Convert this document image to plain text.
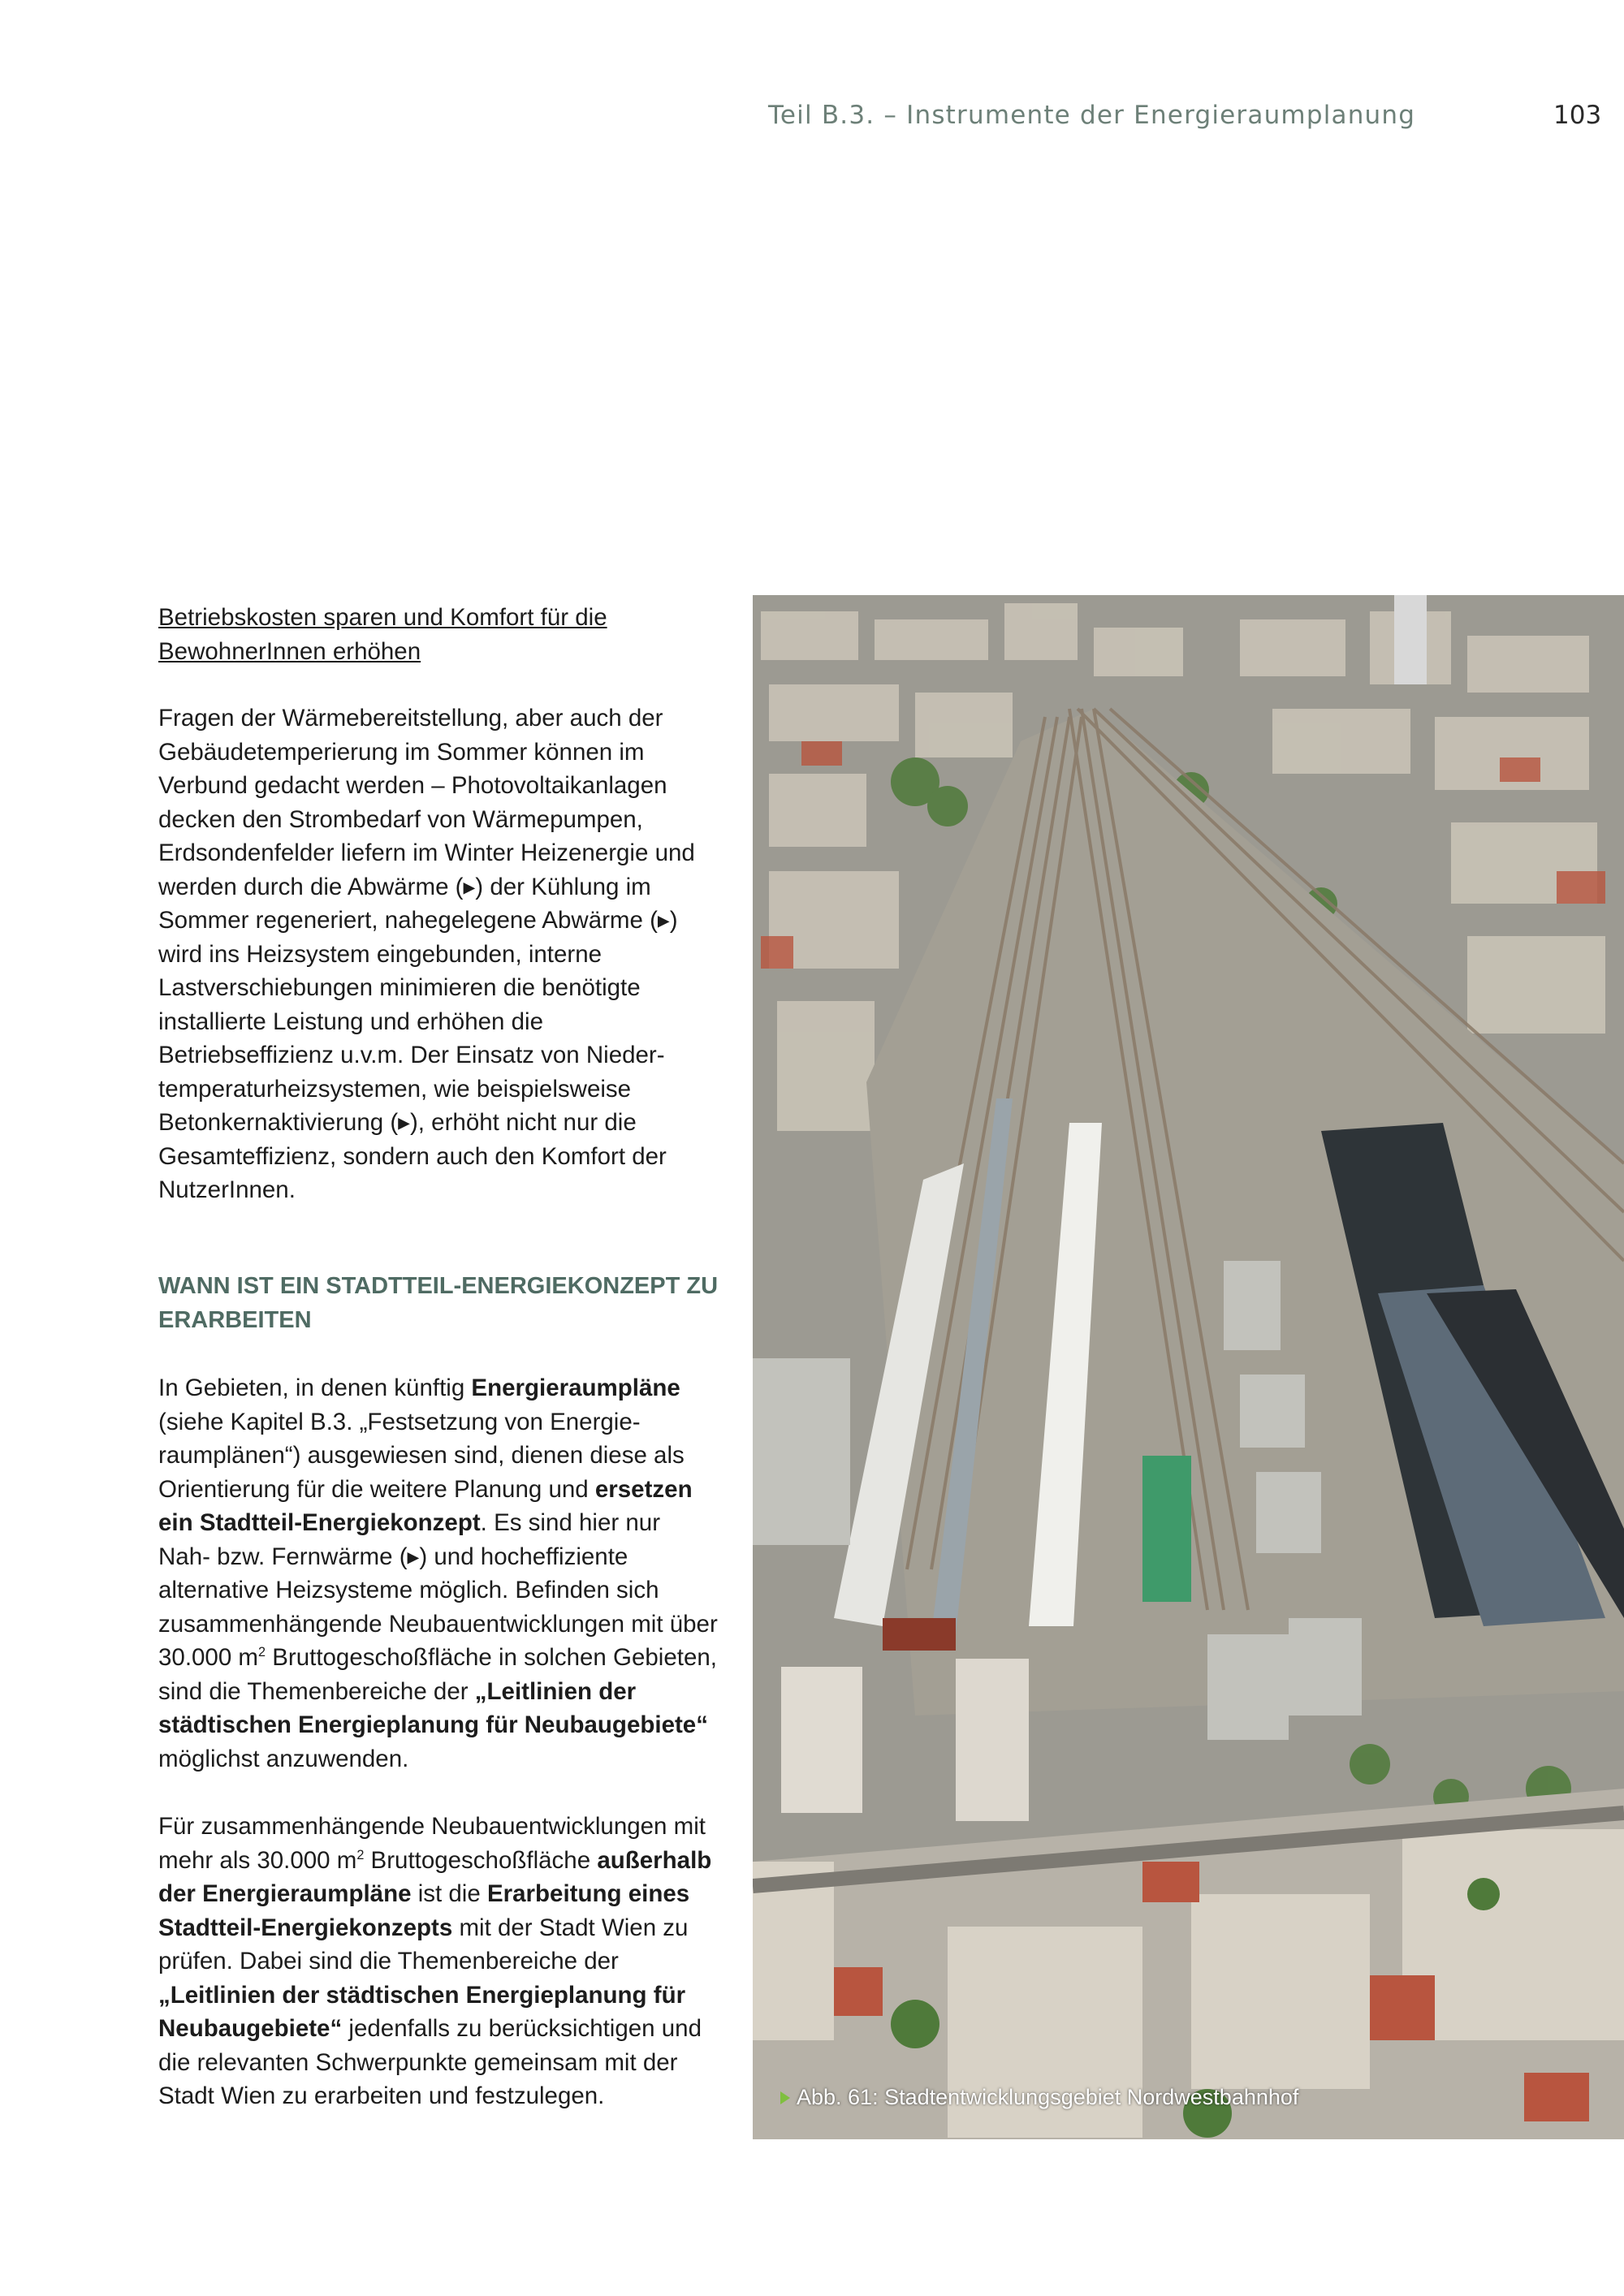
Teil B.3. – Instrumente der Energieraumplanung	103
Betriebskosten sparen und Komfort für die BewohnerInnen erhöhen

Fragen der Wärmebereitstellung, aber auch der Gebäudetemperierung im Sommer können im Verbund gedacht werden – Photovoltaikanlagen decken den Strombedarf von Wärmepumpen, Erdsondenfelder liefern im Winter Heizenergie und werden durch die Abwärme (▸) der Kühlung im Sommer regeneriert, nahegelegene Abwärme (▸) wird ins Heizsystem eingebunden, interne Lastverschiebungen minimieren die benötigte installierte Leistung und erhöhen die Betriebseffizienz u.v.m. Der Einsatz von Niedertemperaturheizsystemen, wie beispielsweise Betonkernaktivierung (▸), erhöht nicht nur die Gesamteffizienz, sondern auch den Komfort der NutzerInnen.

WANN IST EIN STADTTEIL-ENERGIEKONZEPT ZU ERARBEITEN

In Gebieten, in denen künftig Energieraumpläne (siehe Kapitel B.3. „Festsetzung von Energieraumplänen“) ausgewiesen sind, dienen diese als Orientierung für die weitere Planung und ersetzen ein Stadtteil-Energiekonzept. Es sind hier nur Nah- bzw. Fernwärme (▸) und hocheffiziente alternative Heizsysteme möglich. Befinden sich zusammenhängende Neubauentwicklungen mit über 30.000 $m^2$ Bruttogeschoßfläche in solchen Gebieten, sind die Themenbereiche der „Leitlinien der städtischen Energieplanung für Neubaugebiete“ möglichst anzuwenden.

Für zusammenhängende Neubauentwicklungen mit mehr als 30.000 $m^2$ Bruttogeschoßfläche außerhalb der Energieraumpläne ist die Erarbeitung eines Stadtteil-Energiekonzepts mit der Stadt Wien zu prüfen. Dabei sind die Themenbereiche der „Leitlinien der städtischen Energieplanung für Neubaugebiete“ jedenfalls zu berücksichtigen und die relevanten Schwerpunkte gemeinsam mit der Stadt Wien zu erarbeiten und festzulegen.	Abb. 61: Stadtentwicklungsgebiet Nordwestbahnhof
